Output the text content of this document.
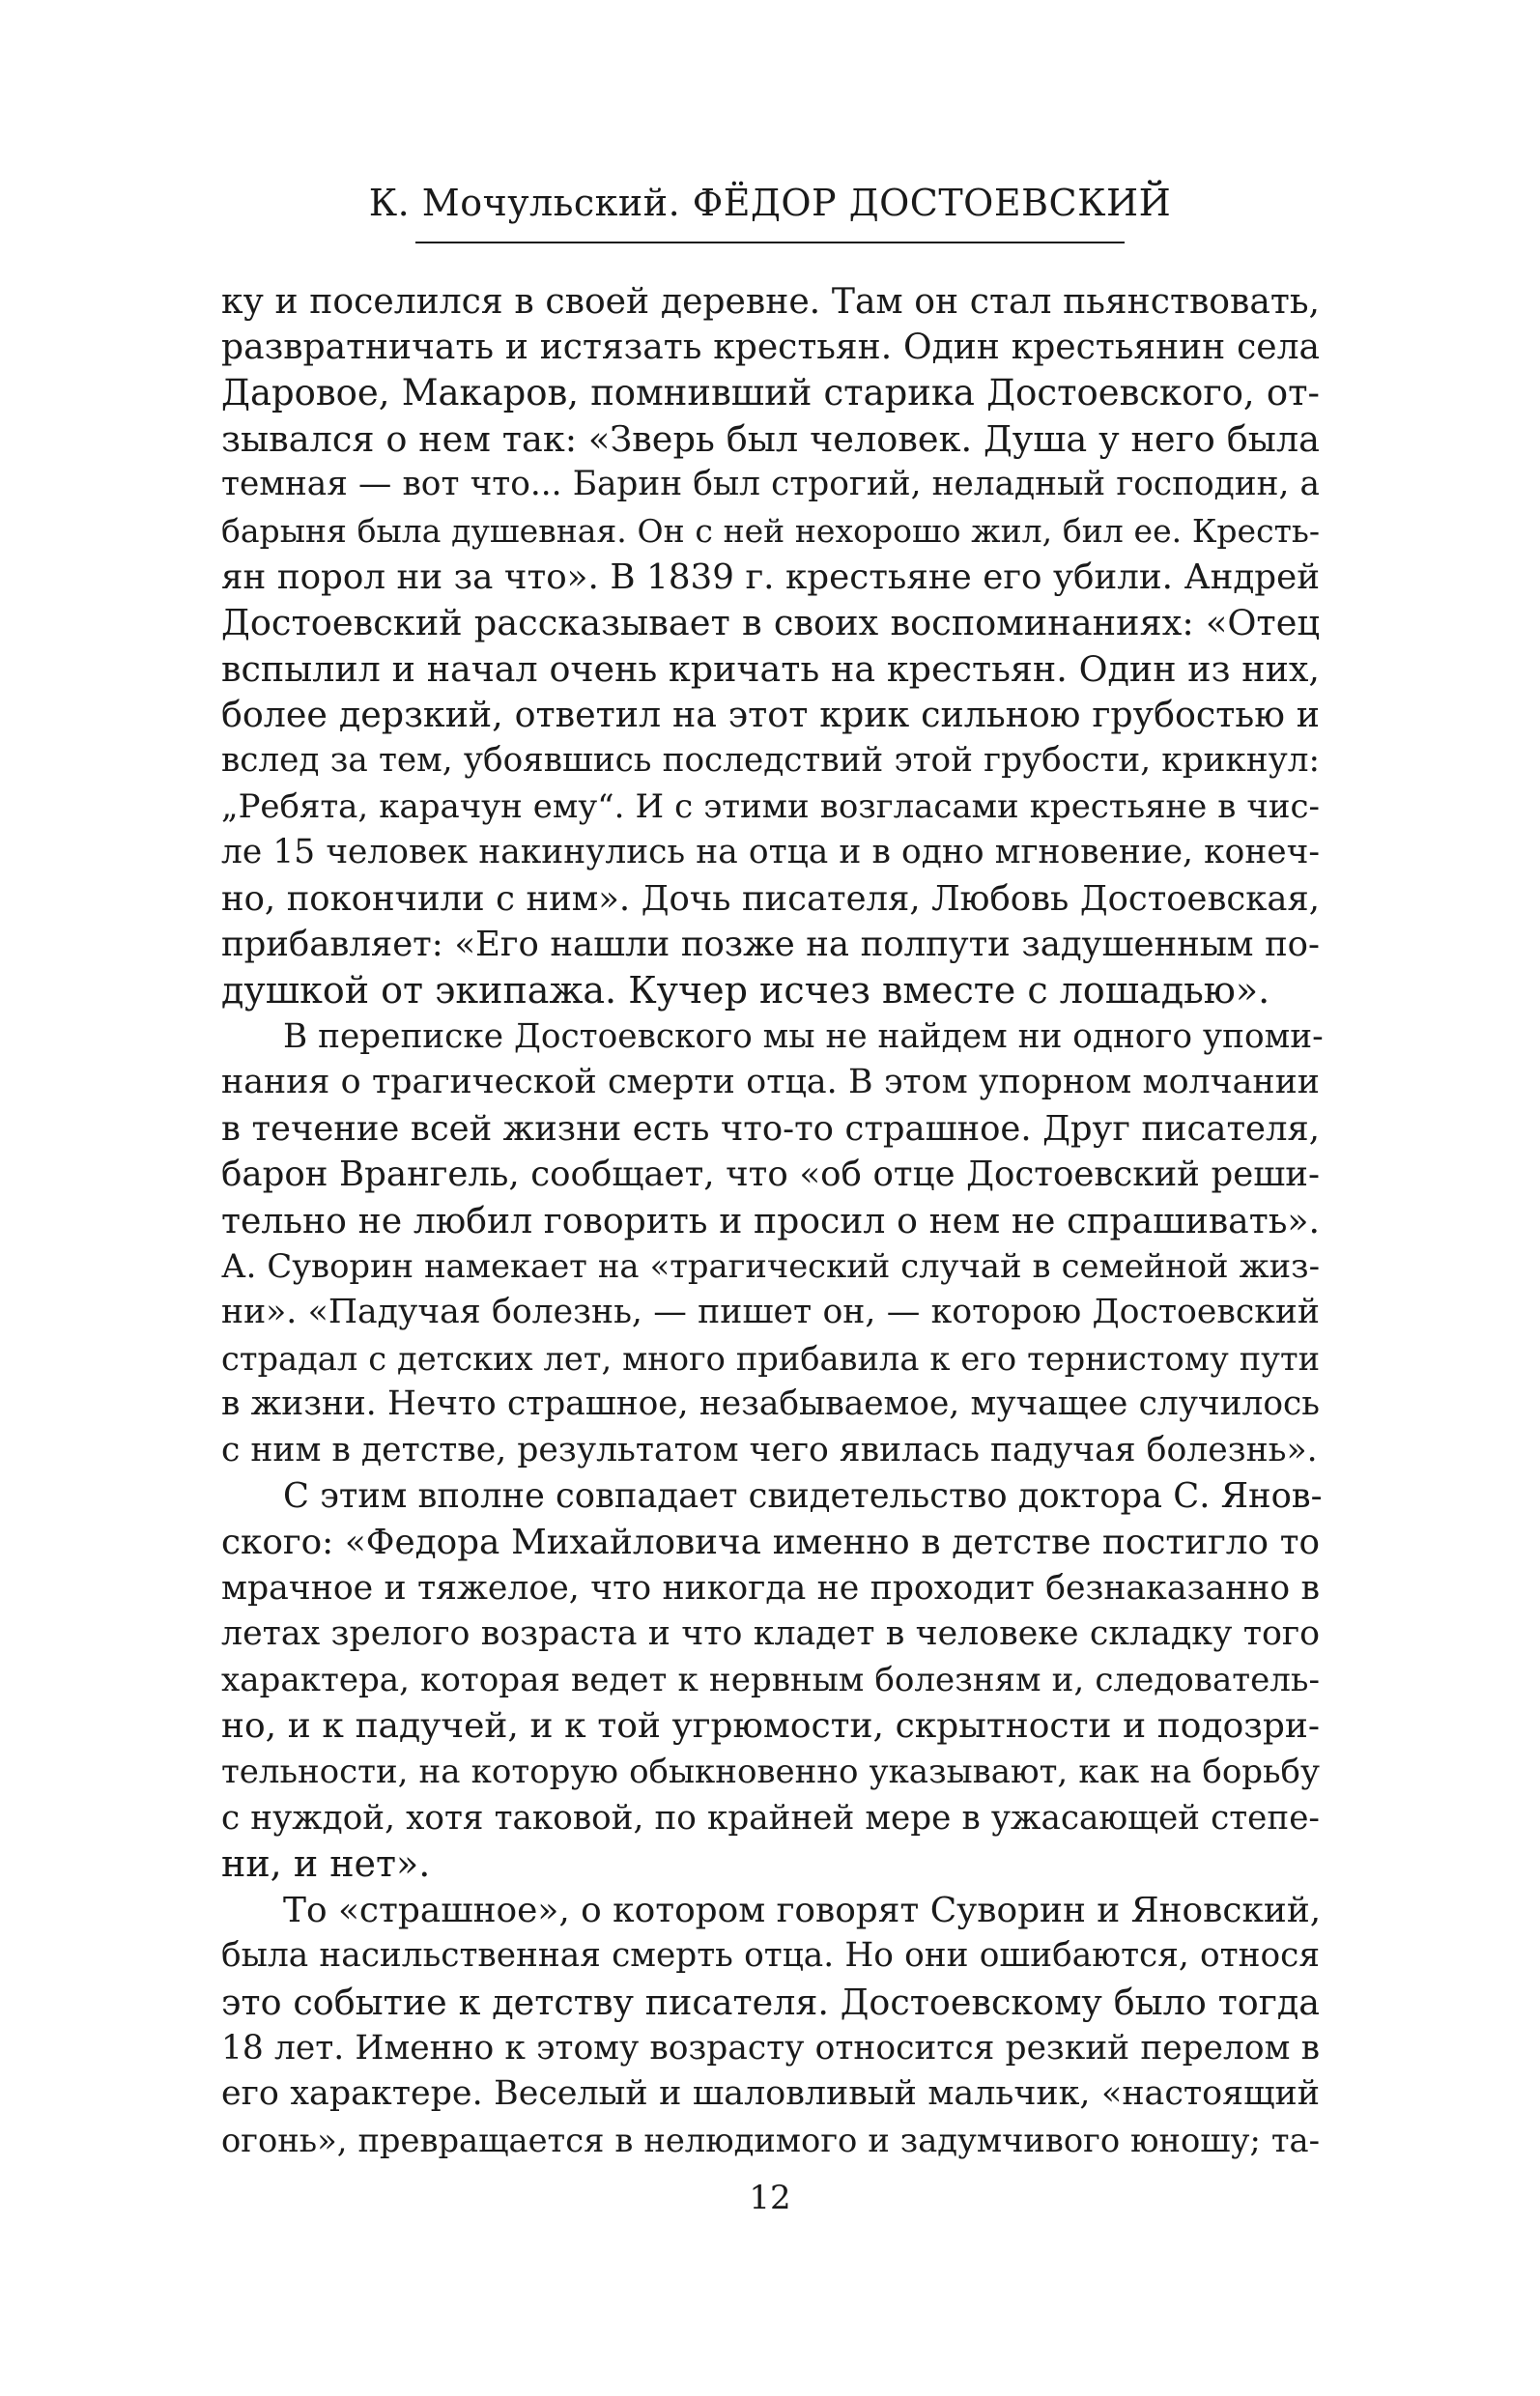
К. Мочульский. ФЁДОР ДОСТОЕВСКИЙ
ку и поселился в своей деревне. Там он стал пьянствовать,
развратничать и истязать крестьян. Один крестьянин села
Даровое, Макаров, помнивший старика Достоевского, от-
зывался о нем так: «Зверь был человек. Душа у него была
темная — вот что... Барин был строгий, неладный господин, а
барыня была душевная. Он с ней нехорошо жил, бил ее. Кресть-
ян порол ни за что». В 1839 г. крестьяне его убили. Андрей
Достоевский рассказывает в своих воспоминаниях: «Отец
вспылил и начал очень кричать на крестьян. Один из них,
более дерзкий, ответил на этот крик сильною грубостью и
вслед за тем, убоявшись последствий этой грубости, крикнул:
„Ребята, карачун ему“. И с этими возгласами крестьяне в чис-
ле 15 человек накинулись на отца и в одно мгновение, конеч-
но, покончили с ним». Дочь писателя, Любовь Достоевская,
прибавляет: «Его нашли позже на полпути задушенным по-
душкой от экипажа. Кучер исчез вместе с лошадью».
В переписке Достоевского мы не найдем ни одного упоми-
нания о трагической смерти отца. В этом упорном молчании
в течение всей жизни есть что-то страшное. Друг писателя,
барон Врангель, сообщает, что «об отце Достоевский реши-
тельно не любил говорить и просил о нем не спрашивать».
А. Суворин намекает на «трагический случай в семейной жиз-
ни». «Падучая болезнь, — пишет он, — которою Достоевский
страдал с детских лет, много прибавила к его тернистому пути
в жизни. Нечто страшное, незабываемое, мучащее случилось
с ним в детстве, результатом чего явилась падучая болезнь».
С этим вполне совпадает свидетельство доктора С. Янов-
ского: «Федора Михайловича именно в детстве постигло то
мрачное и тяжелое, что никогда не проходит безнаказанно в
летах зрелого возраста и что кладет в человеке складку того
характера, которая ведет к нервным болезням и, следователь-
но, и к падучей, и к той угрюмости, скрытности и подозри-
тельности, на которую обыкновенно указывают, как на борьбу
с нуждой, хотя таковой, по крайней мере в ужасающей степе-
ни, и нет».
То «страшное», о котором говорят Суворин и Яновский,
была насильственная смерть отца. Но они ошибаются, относя
это событие к детству писателя. Достоевскому было тогда
18 лет. Именно к этому возрасту относится резкий перелом в
его характере. Веселый и шаловливый мальчик, «настоящий
огонь», превращается в нелюдимого и задумчивого юношу; та-
12
